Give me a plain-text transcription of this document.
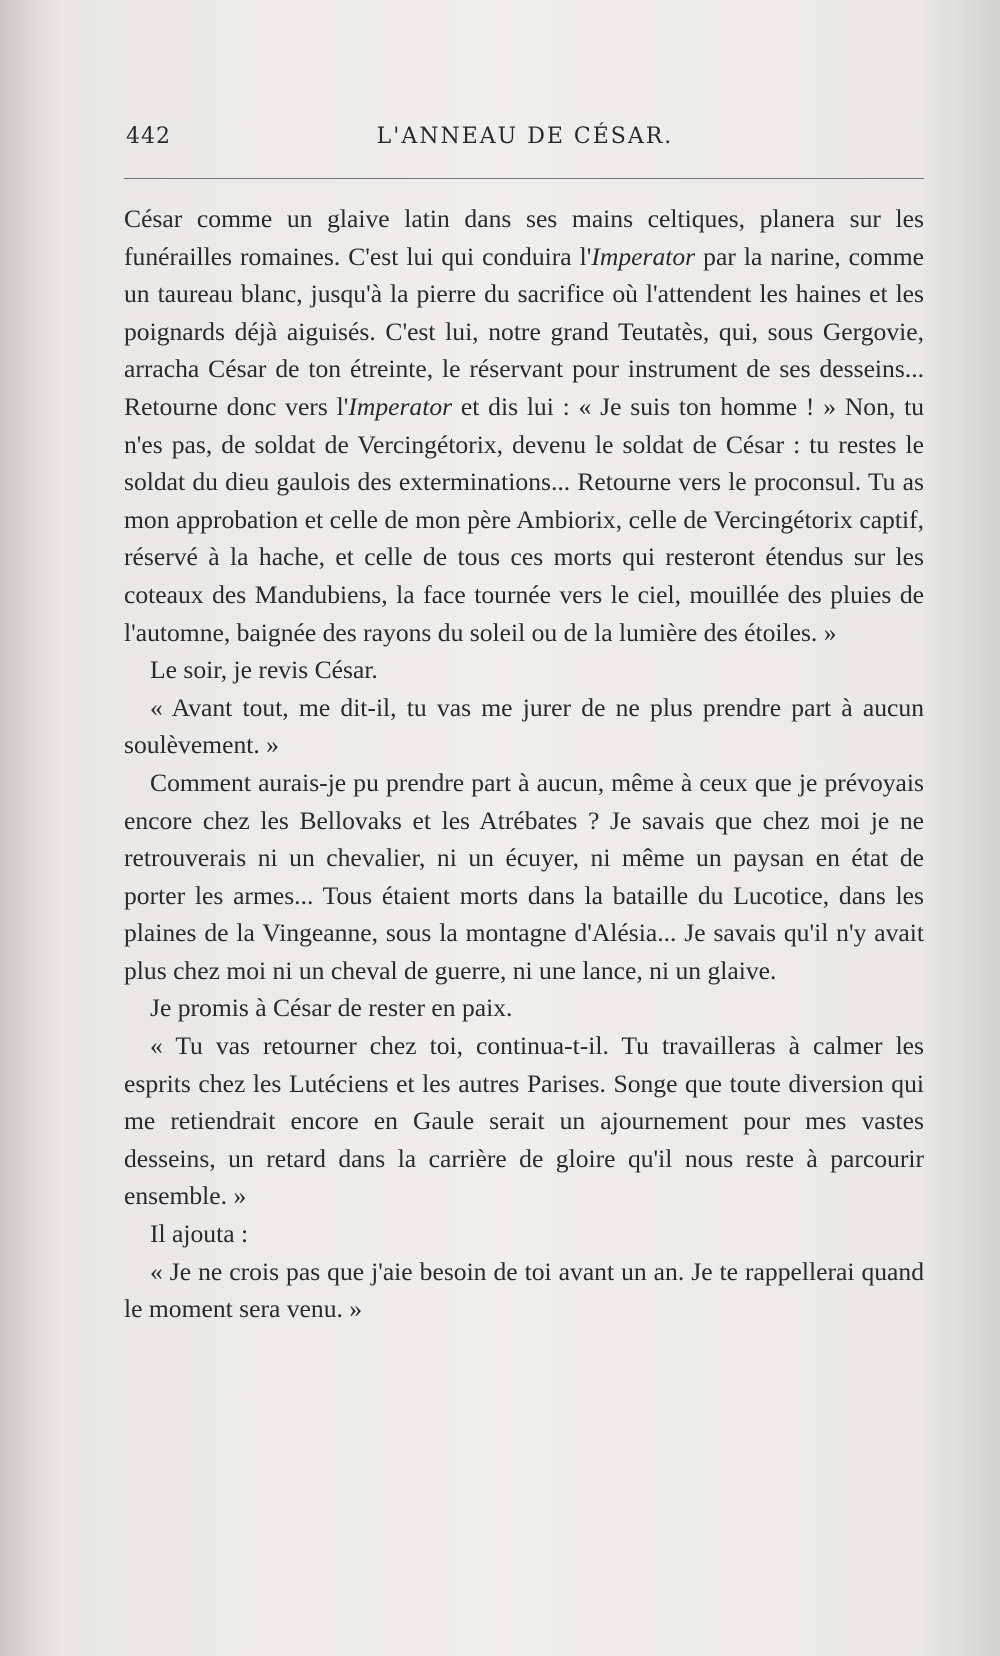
442	L'ANNEAU DE CÉSAR.

César comme un glaive latin dans ses mains celtiques, planera sur les funérailles romaines. C'est lui qui conduira l'Imperator par la narine, comme un taureau blanc, jusqu'à la pierre du sacrifice où l'attendent les haines et les poignards déjà aiguisés. C'est lui, notre grand Teutatès, qui, sous Gergovie, arracha César de ton étreinte, le réservant pour instrument de ses desseins... Retourne donc vers l'Imperator et dis lui : « Je suis ton homme ! » Non, tu n'es pas, de soldat de Vercingétorix, devenu le soldat de César : tu restes le soldat du dieu gaulois des exterminations... Retourne vers le proconsul. Tu as mon approbation et celle de mon père Ambiorix, celle de Vercingétorix captif, réservé à la hache, et celle de tous ces morts qui resteront étendus sur les coteaux des Mandubiens, la face tournée vers le ciel, mouillée des pluies de l'automne, baignée des rayons du soleil ou de la lumière des étoiles. »

Le soir, je revis César.

« Avant tout, me dit-il, tu vas me jurer de ne plus prendre part à aucun soulèvement. »

Comment aurais-je pu prendre part à aucun, même à ceux que je prévoyais encore chez les Bellovaks et les Atrébates ? Je savais que chez moi je ne retrouverais ni un chevalier, ni un écuyer, ni même un paysan en état de porter les armes... Tous étaient morts dans la bataille du Lucotice, dans les plaines de la Vingeanne, sous la montagne d'Alésia... Je savais qu'il n'y avait plus chez moi ni un cheval de guerre, ni une lance, ni un glaive.

Je promis à César de rester en paix.

« Tu vas retourner chez toi, continua-t-il. Tu travailleras à calmer les esprits chez les Lutéciens et les autres Parises. Songe que toute diversion qui me retiendrait encore en Gaule serait un ajournement pour mes vastes desseins, un retard dans la carrière de gloire qu'il nous reste à parcourir ensemble. »

Il ajouta :

« Je ne crois pas que j'aie besoin de toi avant un an. Je te rappellerai quand le moment sera venu. »
